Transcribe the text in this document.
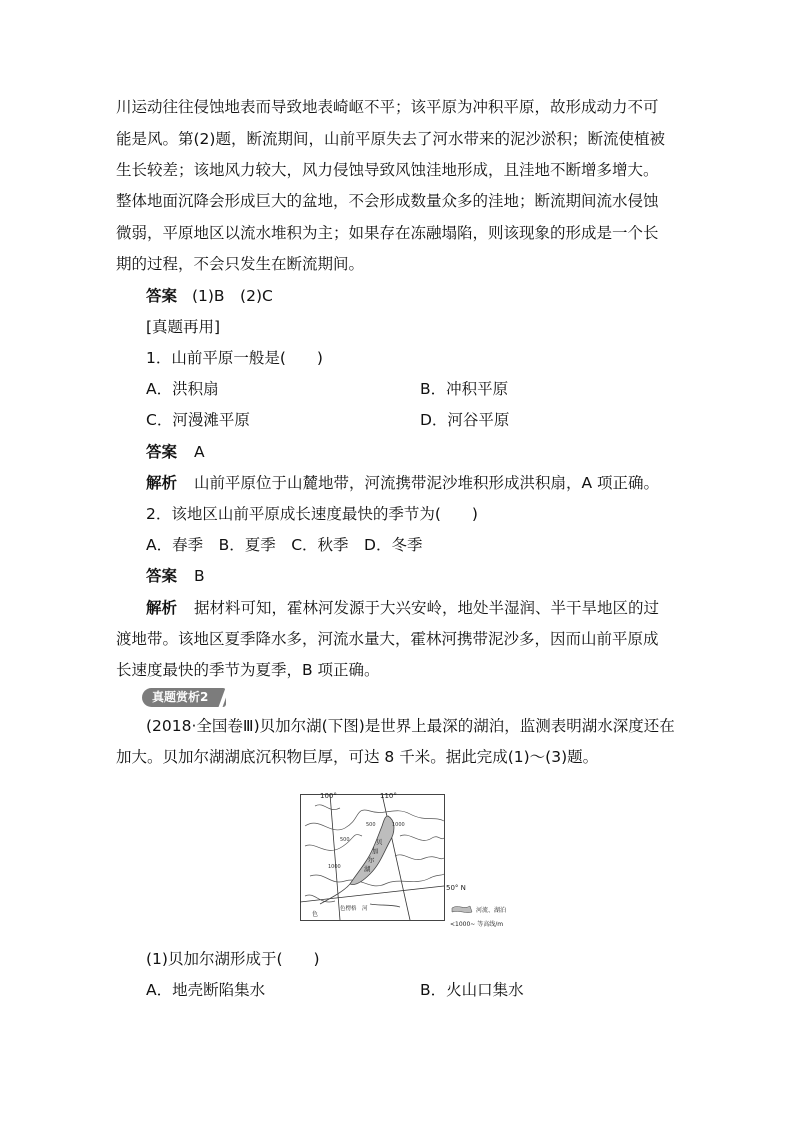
川运动往往侵蚀地表而导致地表崎岖不平；该平原为冲积平原，故形成动力不可
能是风。第(2)题，断流期间，山前平原失去了河水带来的泥沙淤积；断流使植被
生长较差；该地风力较大，风力侵蚀导致风蚀洼地形成，且洼地不断增多增大。
整体地面沉降会形成巨大的盆地，不会形成数量众多的洼地；断流期间流水侵蚀
微弱，平原地区以流水堆积为主；如果存在冻融塌陷，则该现象的形成是一个长
期的过程，不会只发生在断流期间。
答案 (1)B　(2)C
[真题再用]
1．山前平原一般是(　　)
A．洪积扇	B．冲积平原
C．河漫滩平原	D．河谷平原
答案 A
解析 山前平原位于山麓地带，河流携带泥沙堆积形成洪积扇，A 项正确。
2．该地区山前平原成长速度最快的季节为(　　)
A．春季　B．夏季　C．秋季　D．冬季
答案 B
解析 据材料可知，霍林河发源于大兴安岭，地处半湿润、半干旱地区的过
渡地带。该地区夏季降水多，河流水量大，霍林河携带泥沙多，因而山前平原成
长速度最快的季节为夏季，B 项正确。
真题赏析2
(2018·全国卷Ⅲ)贝加尔湖(下图)是世界上最深的湖泊，监测表明湖水深度还在
加大。贝加尔湖湖底沉积物巨厚，可达 8 千米。据此完成(1)～(3)题。
100°	110°
1000
500
1000
500	贝
加
尔
湖
50° N
色
色楞格　河	河流、湖泊
<1000~ 等高线/m
(1)贝加尔湖形成于(　　)
A．地壳断陷集水	B．火山口集水
